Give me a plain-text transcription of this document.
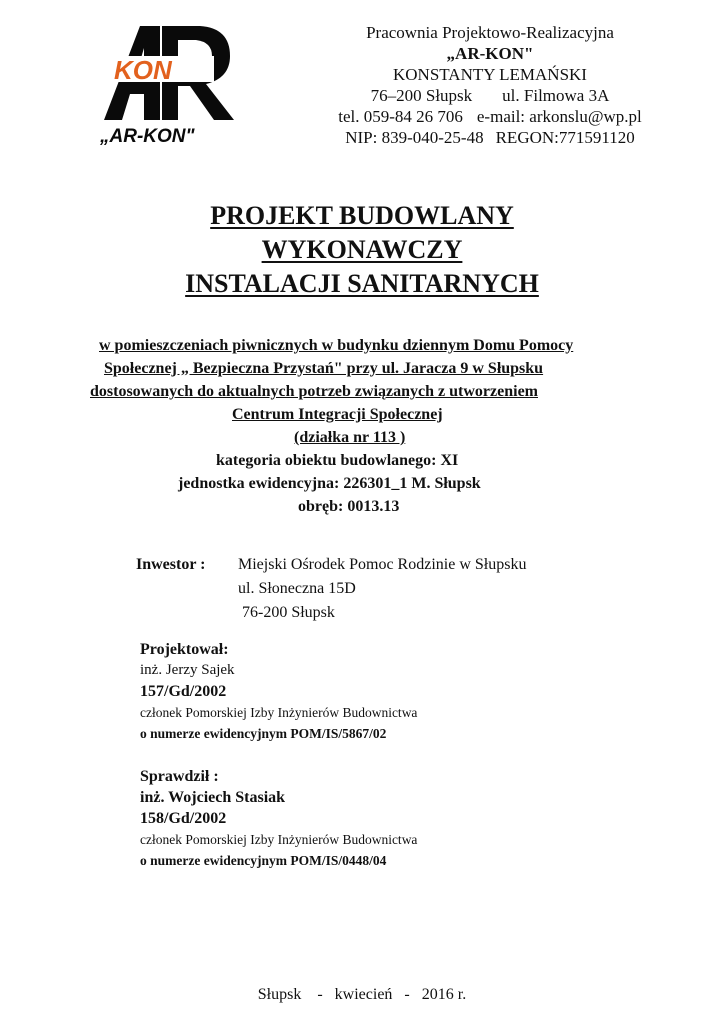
KON
„AR-KON"
Pracownia Projektowo-Realizacyjna
„AR-KON"
KONSTANTY LEMAŃSKI
76–200 Słupsk ul. Filmowa 3A
tel. 059-84 26 706 e-mail: arkonslu@wp.pl
NIP: 839-040-25-48 REGON:771591120
PROJEKT BUDOWLANY
WYKONAWCZY
INSTALACJI SANITARNYCH
w pomieszczeniach piwnicznych w budynku dziennym Domu Pomocy
Społecznej „ Bezpieczna Przystań" przy ul. Jaracza 9 w Słupsku
dostosowanych do aktualnych potrzeb związanych z utworzeniem
Centrum Integracji Społecznej
(działka nr 113 )
kategoria obiektu budowlanego: XI
jednostka ewidencyjna: 226301_1 M. Słupsk
obręb: 0013.13
Inwestor : Miejski Ośrodek Pomoc Rodzinie w Słupsku
ul. Słoneczna 15D
76-200 Słupsk
Projektował:
inż. Jerzy Sajek
157/Gd/2002
członek Pomorskiej Izby Inżynierów Budownictwa
o numerze ewidencyjnym POM/IS/5867/02
Sprawdził :
inż. Wojciech Stasiak
158/Gd/2002
członek Pomorskiej Izby Inżynierów Budownictwa
o numerze ewidencyjnym POM/IS/0448/04
Słupsk    -   kwiecień   -   2016 r.
